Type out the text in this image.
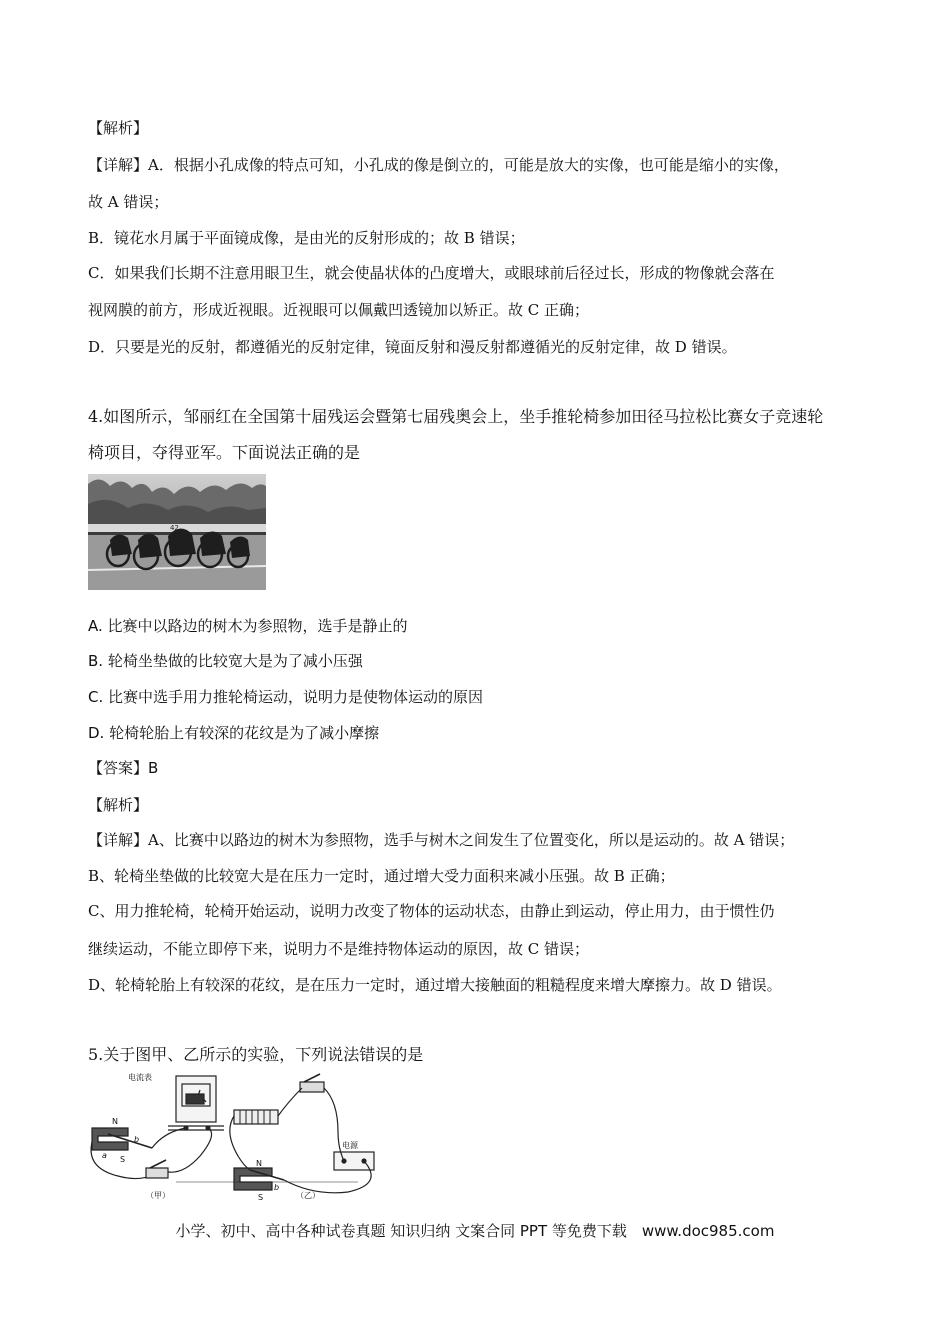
【解析】
【详解】A．根据小孔成像的特点可知，小孔成的像是倒立的，可能是放大的实像，也可能是缩小的实像，
故 A 错误；
B．镜花水月属于平面镜成像，是由光的反射形成的；故 B 错误；
C．如果我们长期不注意用眼卫生，就会使晶状体的凸度增大，或眼球前后径过长，形成的物像就会落在
视网膜的前方，形成近视眼。近视眼可以佩戴凹透镜加以矫正。故 C 正确；
D．只要是光的反射，都遵循光的反射定律，镜面反射和漫反射都遵循光的反射定律，故 D 错误。
4.如图所示，邹丽红在全国第十届残运会暨第七届残奥会上，坐手推轮椅参加田径马拉松比赛女子竞速轮
椅项目，夺得亚军。下面说法正确的是
42
A. 比赛中以路边的树木为参照物，选手是静止的
B. 轮椅坐垫做的比较宽大是为了减小压强
C. 比赛中选手用力推轮椅运动，说明力是使物体运动的原因
D. 轮椅轮胎上有较深的花纹是为了减小摩擦
【答案】B
【解析】
【详解】A、比赛中以路边的树木为参照物，选手与树木之间发生了位置变化，所以是运动的。故 A 错误；
B、轮椅坐垫做的比较宽大是在压力一定时，通过增大受力面积来减小压强。故 B 正确；
C、用力推轮椅，轮椅开始运动，说明力改变了物体的运动状态，由静止到运动，停止用力，由于惯性仍
继续运动，不能立即停下来，说明力不是维持物体运动的原因，故 C 错误；
D、轮椅轮胎上有较深的花纹，是在压力一定时，通过增大接触面的粗糙程度来增大摩擦力。故 D 错误。
5.关于图甲、乙所示的实验，下列说法错误的是
电流表
电源
N
S
a
b
N
S
b
（甲）	（乙）
小学、初中、高中各种试卷真题 知识归纳 文案合同 PPT 等免费下载　www.doc985.com
